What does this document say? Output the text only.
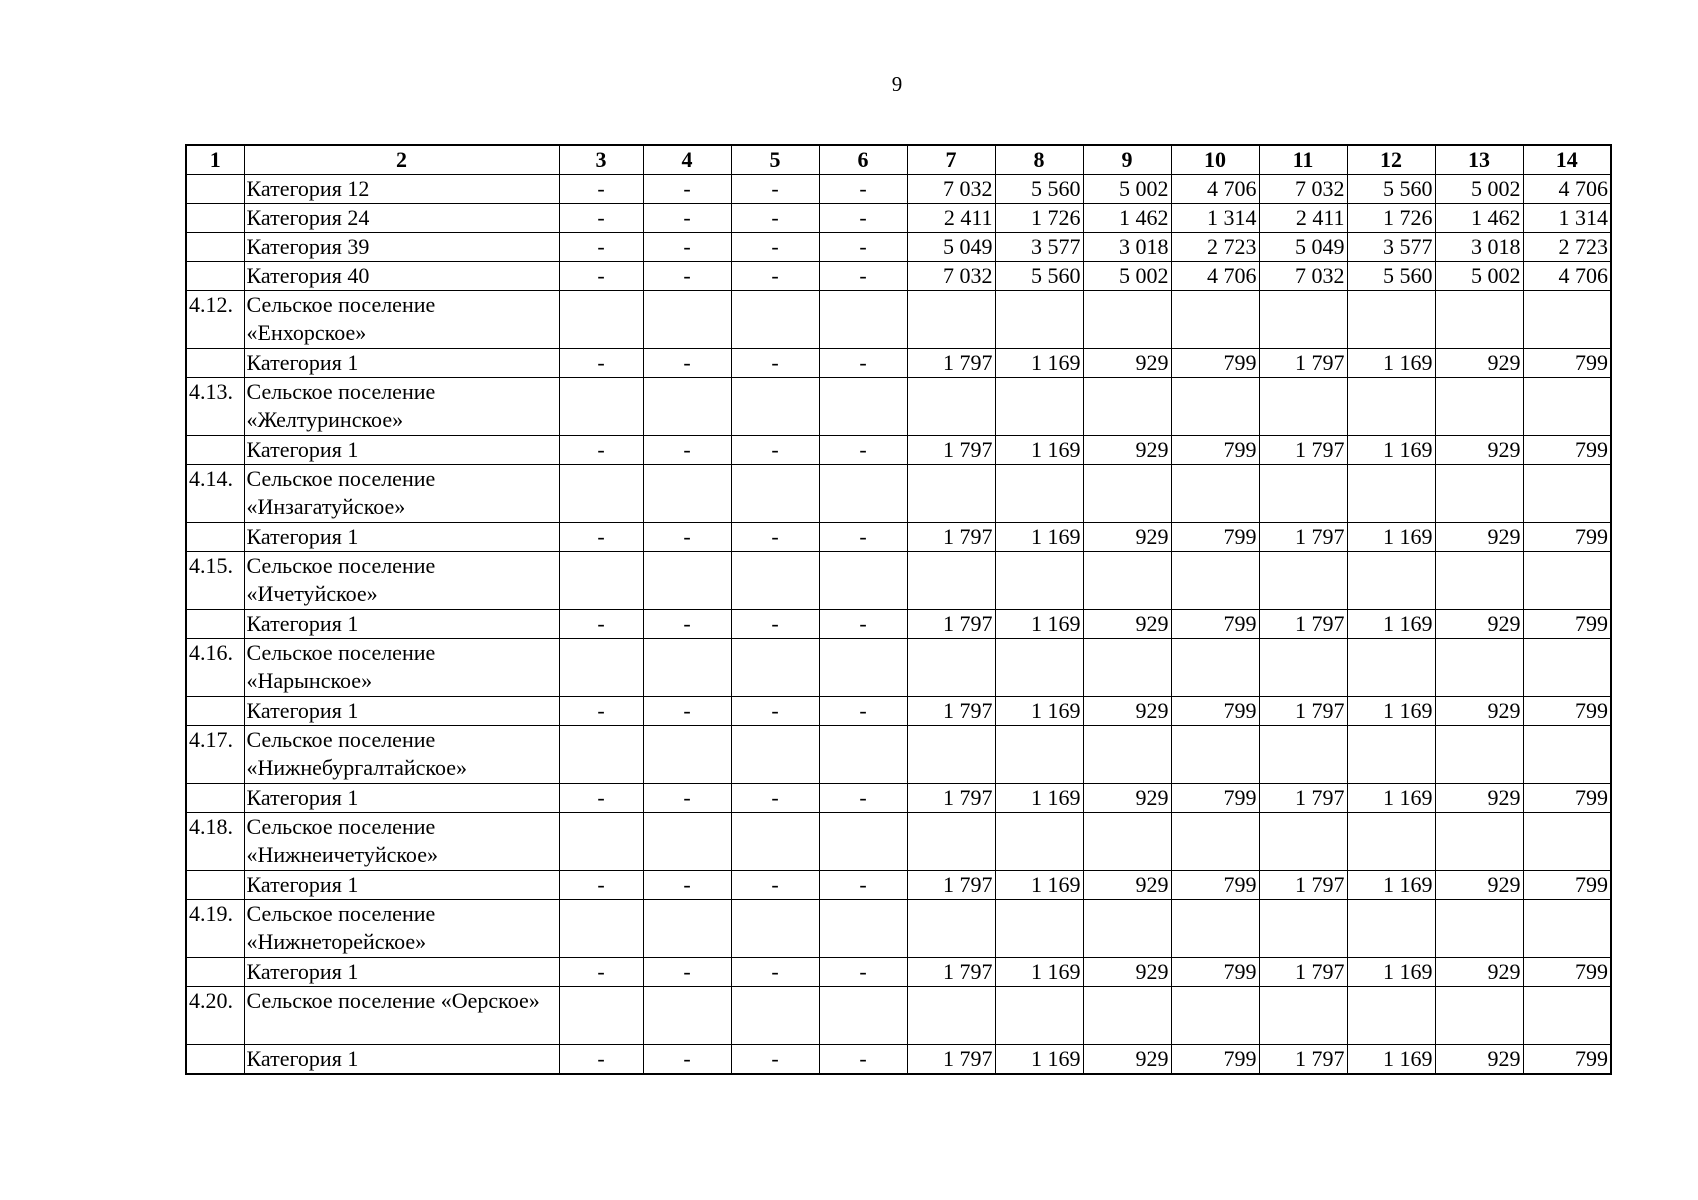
9
1	2	3	4	5	6	7	8	9	10	11	12	13	14
	Категория 12	-	-	-	-	7 032	5 560	5 002	4 706	7 032	5 560	5 002	4 706
	Категория 24	-	-	-	-	2 411	1 726	1 462	1 314	2 411	1 726	1 462	1 314
	Категория 39	-	-	-	-	5 049	3 577	3 018	2 723	5 049	3 577	3 018	2 723
	Категория 40	-	-	-	-	7 032	5 560	5 002	4 706	7 032	5 560	5 002	4 706
4.12.	Сельское поселение «Енхорское»												
	Категория 1	-	-	-	-	1 797	1 169	929	799	1 797	1 169	929	799
4.13.	Сельское поселение «Желтуринское»												
	Категория 1	-	-	-	-	1 797	1 169	929	799	1 797	1 169	929	799
4.14.	Сельское поселение «Инзагатуйское»												
	Категория 1	-	-	-	-	1 797	1 169	929	799	1 797	1 169	929	799
4.15.	Сельское поселение «Ичетуйское»												
	Категория 1	-	-	-	-	1 797	1 169	929	799	1 797	1 169	929	799
4.16.	Сельское поселение «Нарынское»												
	Категория 1	-	-	-	-	1 797	1 169	929	799	1 797	1 169	929	799
4.17.	Сельское поселение «Нижнебургалтайское»												
	Категория 1	-	-	-	-	1 797	1 169	929	799	1 797	1 169	929	799
4.18.	Сельское поселение «Нижнеичетуйское»												
	Категория 1	-	-	-	-	1 797	1 169	929	799	1 797	1 169	929	799
4.19.	Сельское поселение «Нижнеторейское»												
	Категория 1	-	-	-	-	1 797	1 169	929	799	1 797	1 169	929	799
4.20.	Сельское поселение «Оерское»												
	Категория 1	-	-	-	-	1 797	1 169	929	799	1 797	1 169	929	799
